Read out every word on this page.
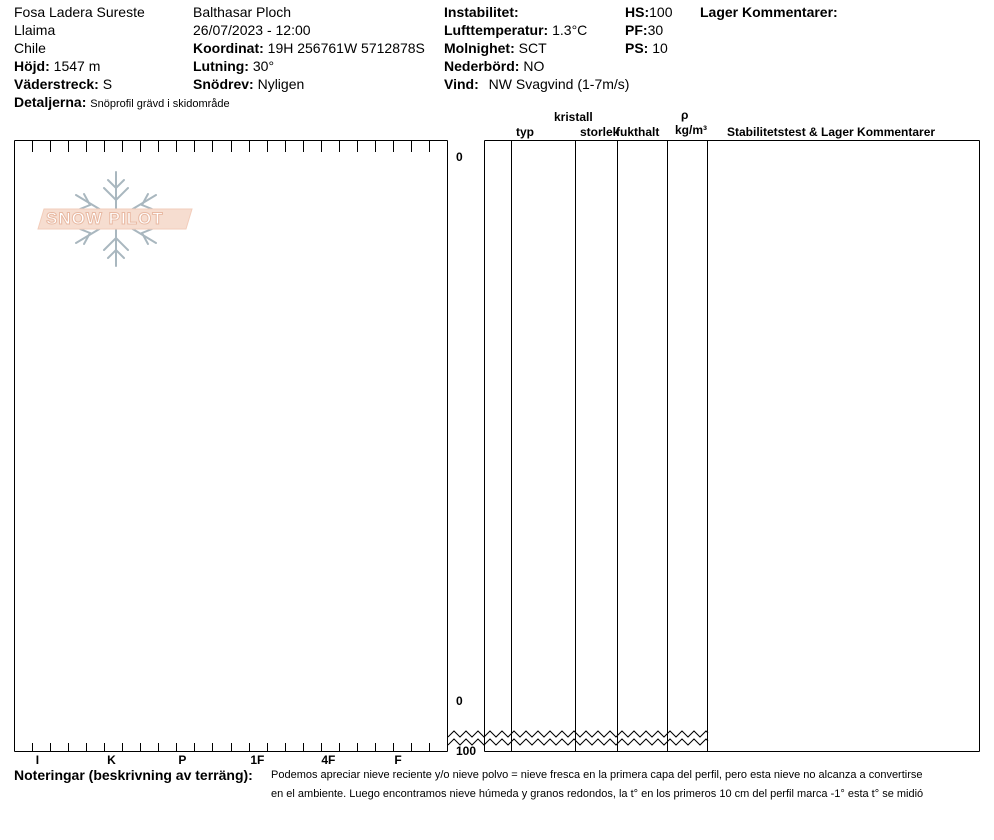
Fosa Ladera Sureste
Llaima
Chile
Höjd: 1547 m
Väderstreck: S
Detaljerna: Snöprofil grävd i skidområde
Balthasar Ploch
26/07/2023 - 12:00
Koordinat: 19H 256761W 5712878S
Lutning: 30°
Snödrev: Nyligen
Instabilitet:
Lufttemperatur: 1.3°C
Molnighet: SCT
Nederbörd: NO
Vind: NW Svagvind (1-7m/s)
HS:100
PF:30
PS: 10
Lager Kommentarer:
typ
kristall
storlek
fukthalt
ρ
kg/m³ Stabilitetstest & Lager Kommentarer
SNOW PILOT
I	K	P	1F	4F	F
0
0
100
Noteringar (beskrivning av terräng): Podemos apreciar nieve reciente y/o nieve polvo = nieve fresca en la primera capa del perfil, pero esta nieve no alcanza a convertirse
en el ambiente. Luego encontramos nieve húmeda y granos redondos, la t° en los primeros 10 cm del perfil marca -1° esta t° se midió
